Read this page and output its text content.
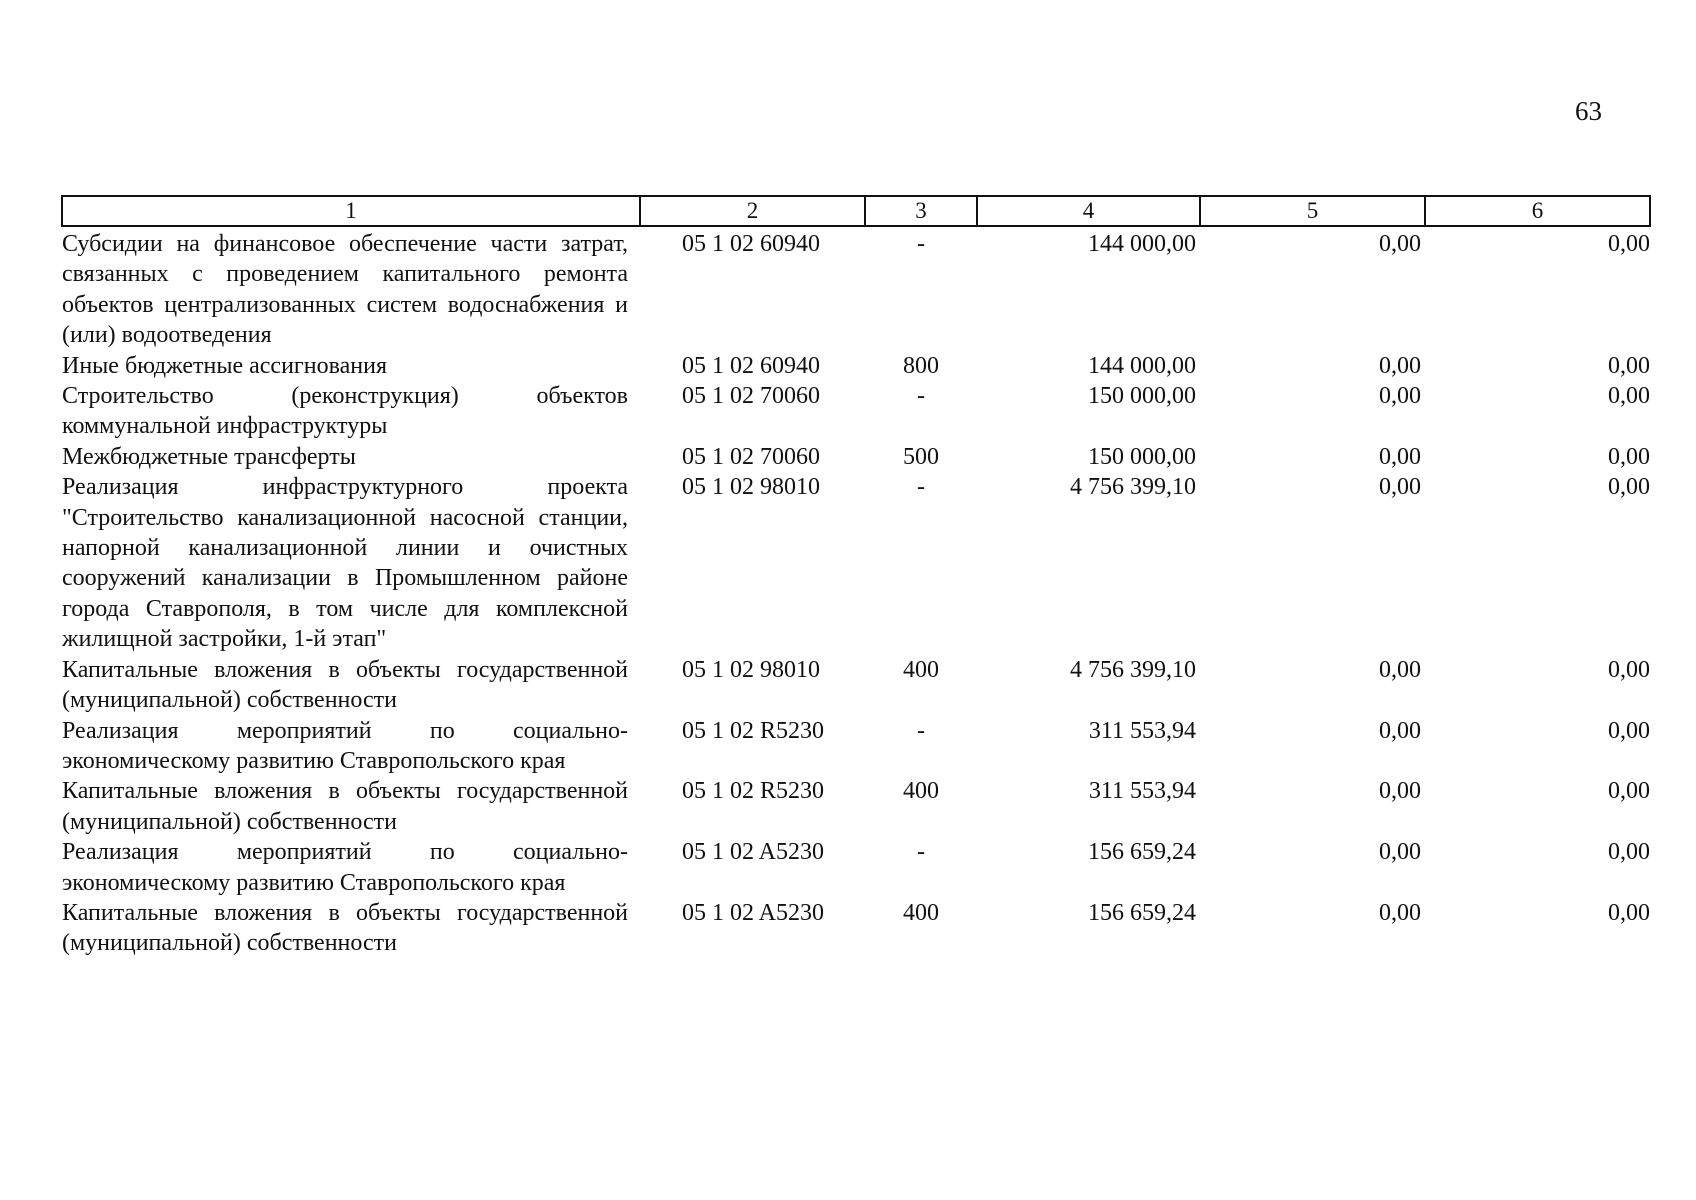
63
1	2	3	4	5	6
Субсидии на финансовое обеспечение части затрат, связанных с проведением капитального ремонта объектов централизованных систем водоснабжения и (или) водоотведения	05 1 02 60940	-	144 000,00	0,00	0,00
Иные бюджетные ассигнования	05 1 02 60940	800	144 000,00	0,00	0,00
Строительство (реконструкция) объектов коммунальной инфраструктуры	05 1 02 70060	-	150 000,00	0,00	0,00
Межбюджетные трансферты	05 1 02 70060	500	150 000,00	0,00	0,00
Реализация инфраструктурного проекта "Строительство канализационной насосной станции, напорной канализационной линии и очистных сооружений канализации в Промышленном районе города Ставрополя, в том числе для комплексной жилищной застройки, 1-й этап"	05 1 02 98010	-	4 756 399,10	0,00	0,00
Капитальные вложения в объекты государственной (муниципальной) собственности	05 1 02 98010	400	4 756 399,10	0,00	0,00
Реализация мероприятий по социально-экономическому развитию Ставропольского края	05 1 02 R5230	-	311 553,94	0,00	0,00
Капитальные вложения в объекты государственной (муниципальной) собственности	05 1 02 R5230	400	311 553,94	0,00	0,00
Реализация мероприятий по социально-экономическому развитию Ставропольского края	05 1 02 A5230	-	156 659,24	0,00	0,00
Капитальные вложения в объекты государственной (муниципальной) собственности	05 1 02 A5230	400	156 659,24	0,00	0,00
